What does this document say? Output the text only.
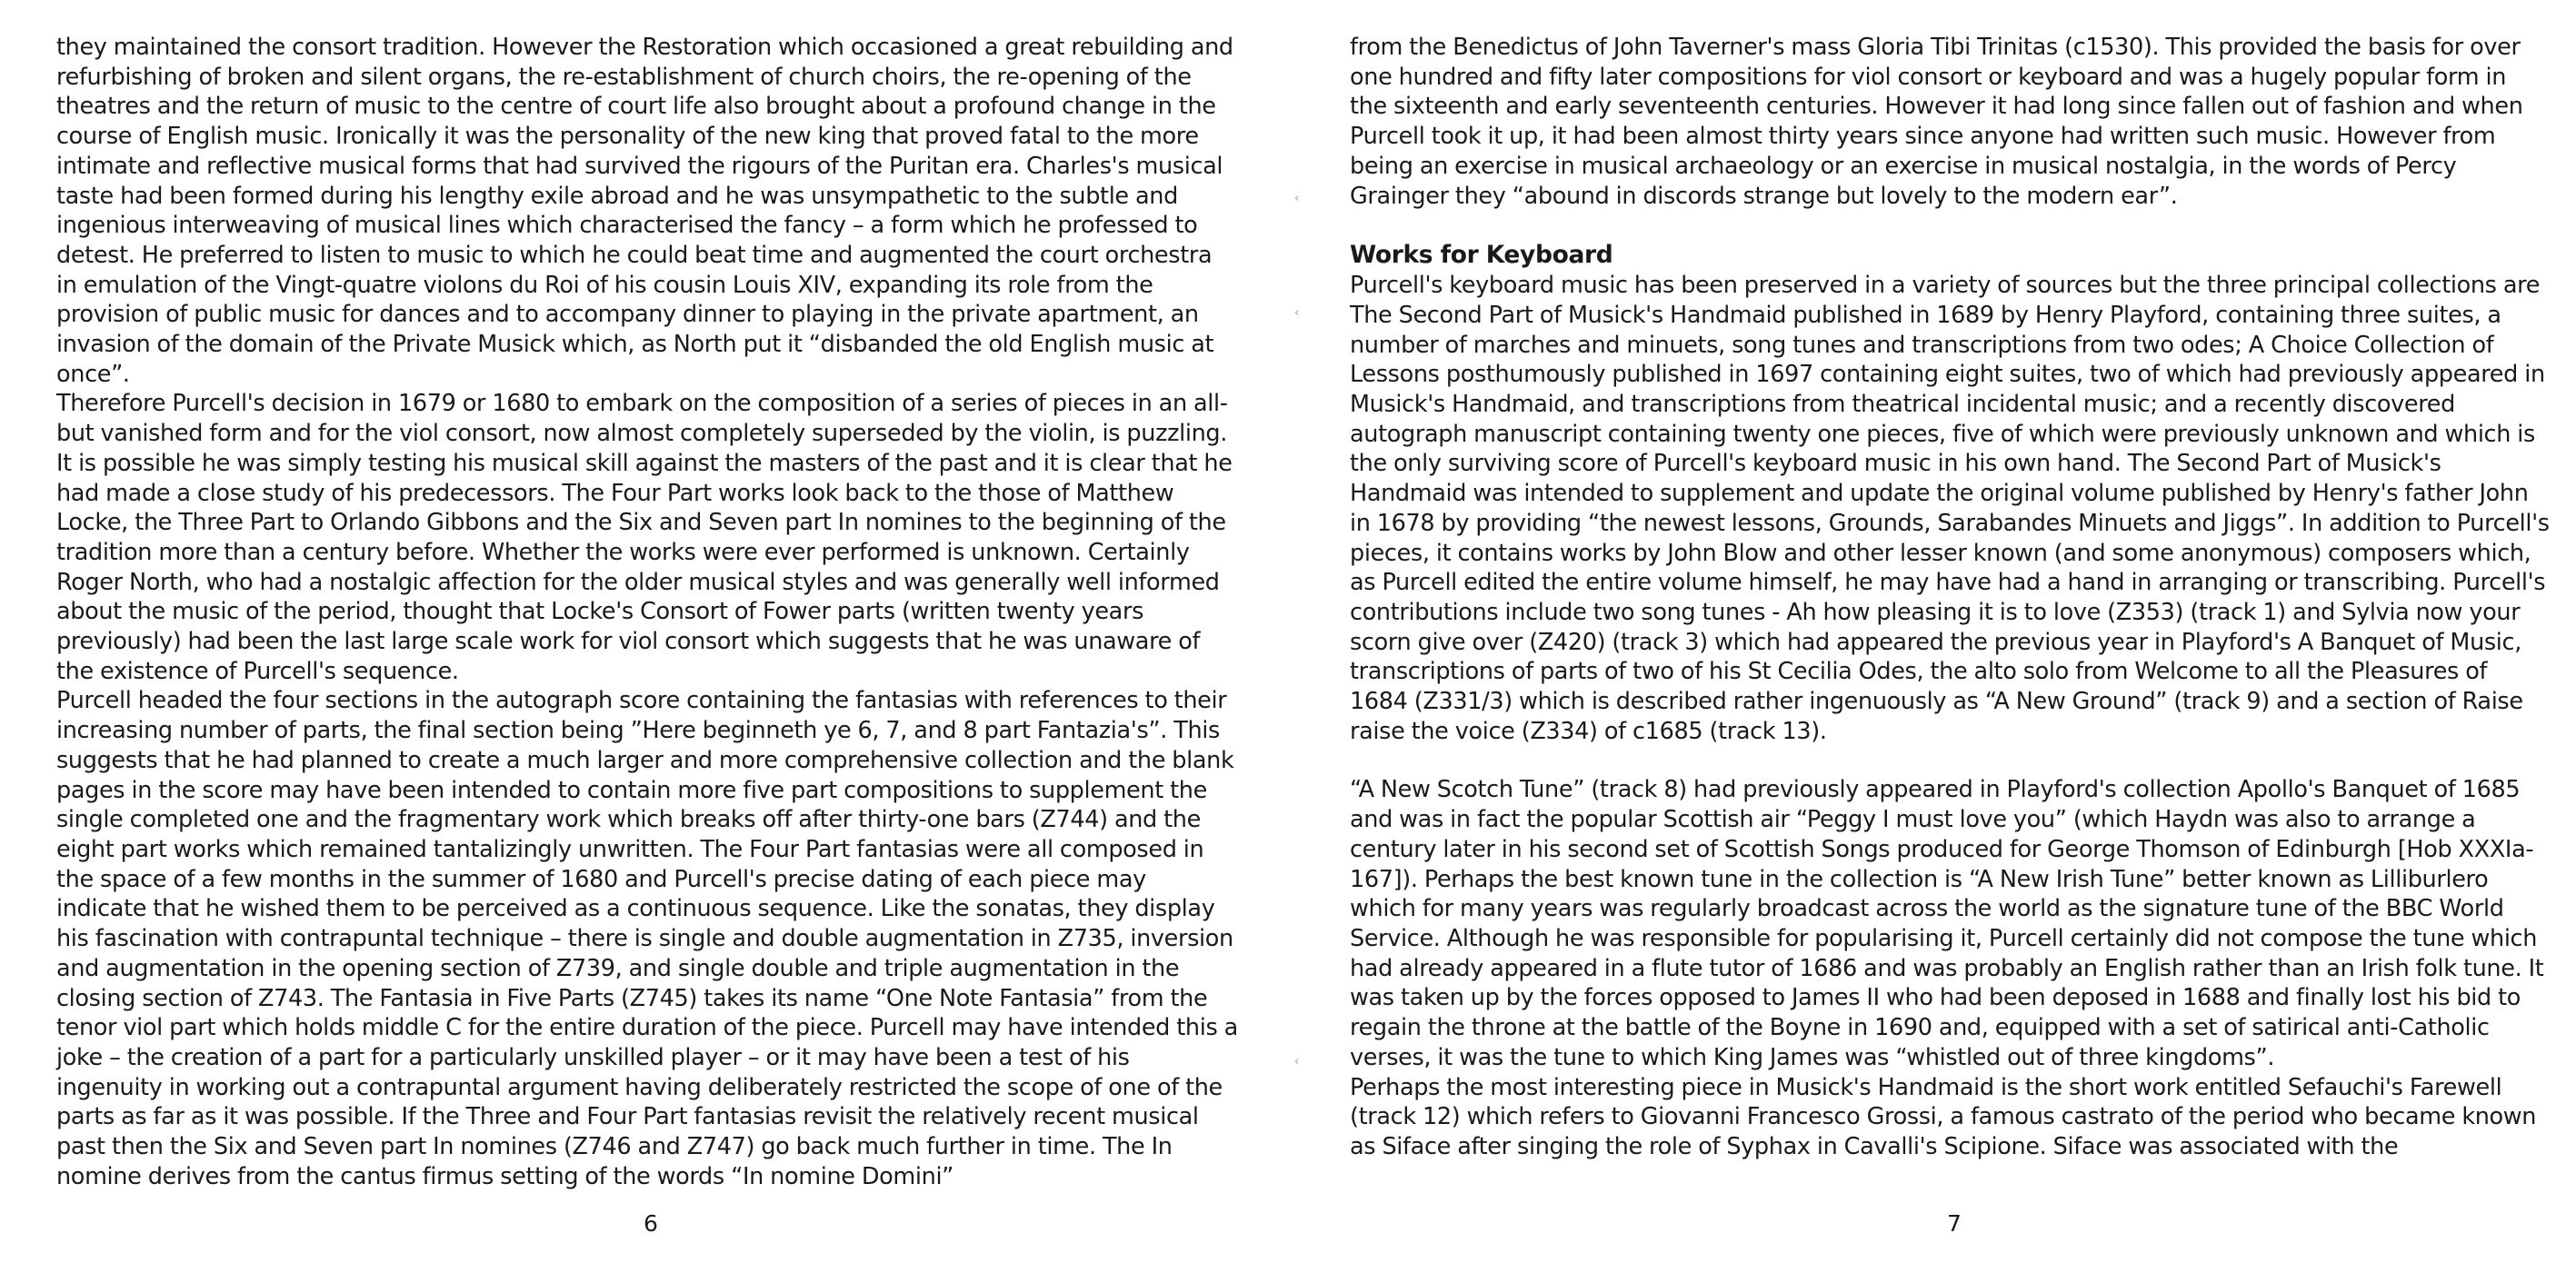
they maintained the consort tradition. However the Restoration which occasioned a great rebuilding and refurbishing of broken and silent organs, the re-establishment of church choirs, the re-opening of the theatres and the return of music to the centre of court life also brought about a profound change in the course of English music. Ironically it was the personality of the new king that proved fatal to the more intimate and reflective musical forms that had survived the rigours of the Puritan era. Charles's musical taste had been formed during his lengthy exile abroad and he was unsympathetic to the subtle and ingenious interweaving of musical lines which characterised the fancy – a form which he professed to detest. He preferred to listen to music to which he could beat time and augmented the court orchestra in emulation of the Vingt-quatre violons du Roi of his cousin Louis XIV, expanding its role from the provision of public music for dances and to accompany dinner to playing in the private apartment, an invasion of the domain of the Private Musick which, as North put it “disbanded the old English music at once”.

Therefore Purcell's decision in 1679 or 1680 to embark on the composition of a series of pieces in an all-but vanished form and for the viol consort, now almost completely superseded by the violin, is puzzling. It is possible he was simply testing his musical skill against the masters of the past and it is clear that he had made a close study of his predecessors. The Four Part works look back to the those of Matthew Locke, the Three Part to Orlando Gibbons and the Six and Seven part In nomines to the beginning of the tradition more than a century before. Whether the works were ever performed is unknown. Certainly Roger North, who had a nostalgic affection for the older musical styles and was generally well informed about the music of the period, thought that Locke's Consort of Fower parts (written twenty years previously) had been the last large scale work for viol consort which suggests that he was unaware of the existence of Purcell's sequence.

Purcell headed the four sections in the autograph score containing the fantasias with references to their increasing number of parts, the final section being ”Here beginneth ye 6, 7, and 8 part Fantazia's”. This suggests that he had planned to create a much larger and more comprehensive collection and the blank pages in the score may have been intended to contain more five part compositions to supplement the single completed one and the fragmentary work which breaks off after thirty-one bars (Z744) and the eight part works which remained tantalizingly unwritten. The Four Part fantasias were all composed in the space of a few months in the summer of 1680 and Purcell's precise dating of each piece may indicate that he wished them to be perceived as a continuous sequence. Like the sonatas, they display his fascination with contrapuntal technique – there is single and double augmentation in Z735, inversion and augmentation in the opening section of Z739, and single double and triple augmentation in the closing section of Z743. The Fantasia in Five Parts (Z745) takes its name “One Note Fantasia” from the tenor viol part which holds middle C for the entire duration of the piece. Purcell may have intended this a joke – the creation of a part for a particularly unskilled player – or it may have been a test of his ingenuity in working out a contrapuntal argument having deliberately restricted the scope of one of the parts as far as it was possible. If the Three and Four Part fantasias revisit the relatively recent musical past then the Six and Seven part In nomines (Z746 and Z747) go back much further in time. The In nomine derives from the cantus firmus setting of the words “In nomine Domini”

6
‹
‹
‹

from the Benedictus of John Taverner's mass Gloria Tibi Trinitas (c1530). This provided the basis for over one hundred and fifty later compositions for viol consort or keyboard and was a hugely popular form in the sixteenth and early seventeenth centuries. However it had long since fallen out of fashion and when Purcell took it up, it had been almost thirty years since anyone had written such music. However from being an exercise in musical archaeology or an exercise in musical nostalgia, in the words of Percy Grainger they “abound in discords strange but lovely to the modern ear”.

Works for Keyboard

Purcell's keyboard music has been preserved in a variety of sources but the three principal collections are The Second Part of Musick's Handmaid published in 1689 by Henry Playford, containing three suites, a number of marches and minuets, song tunes and transcriptions from two odes; A Choice Collection of Lessons posthumously published in 1697 containing eight suites, two of which had previously appeared in Musick's Handmaid, and transcriptions from theatrical incidental music; and a recently discovered autograph manuscript containing twenty one pieces, five of which were previously unknown and which is the only surviving score of Purcell's keyboard music in his own hand. The Second Part of Musick's Handmaid was intended to supplement and update the original volume published by Henry's father John in 1678 by providing “the newest lessons, Grounds, Sarabandes Minuets and Jiggs”. In addition to Purcell's pieces, it contains works by John Blow and other lesser known (and some anonymous) composers which, as Purcell edited the entire volume himself, he may have had a hand in arranging or transcribing. Purcell's contributions include two song tunes - Ah how pleasing it is to love (Z353) (track 1) and Sylvia now your scorn give over (Z420) (track 3) which had appeared the previous year in Playford's A Banquet of Music, transcriptions of parts of two of his St Cecilia Odes, the alto solo from Welcome to all the Pleasures of 1684 (Z331/3) which is described rather ingenuously as “A New Ground” (track 9) and a section of Raise raise the voice (Z334) of c1685 (track 13).

“A New Scotch Tune” (track 8) had previously appeared in Playford's collection Apollo's Banquet of 1685 and was in fact the popular Scottish air “Peggy I must love you” (which Haydn was also to arrange a century later in his second set of Scottish Songs produced for George Thomson of Edinburgh [Hob XXXIa-167]). Perhaps the best known tune in the collection is “A New Irish Tune” better known as Lilliburlero which for many years was regularly broadcast across the world as the signature tune of the BBC World Service. Although he was responsible for popularising it, Purcell certainly did not compose the tune which had already appeared in a flute tutor of 1686 and was probably an English rather than an Irish folk tune. It was taken up by the forces opposed to James II who had been deposed in 1688 and finally lost his bid to regain the throne at the battle of the Boyne in 1690 and, equipped with a set of satirical anti-Catholic verses, it was the tune to which King James was “whistled out of three kingdoms”.

Perhaps the most interesting piece in Musick's Handmaid is the short work entitled Sefauchi's Farewell (track 12) which refers to Giovanni Francesco Grossi, a famous castrato of the period who became known as Siface after singing the role of Syphax in Cavalli's Scipione. Siface was associated with the

7
